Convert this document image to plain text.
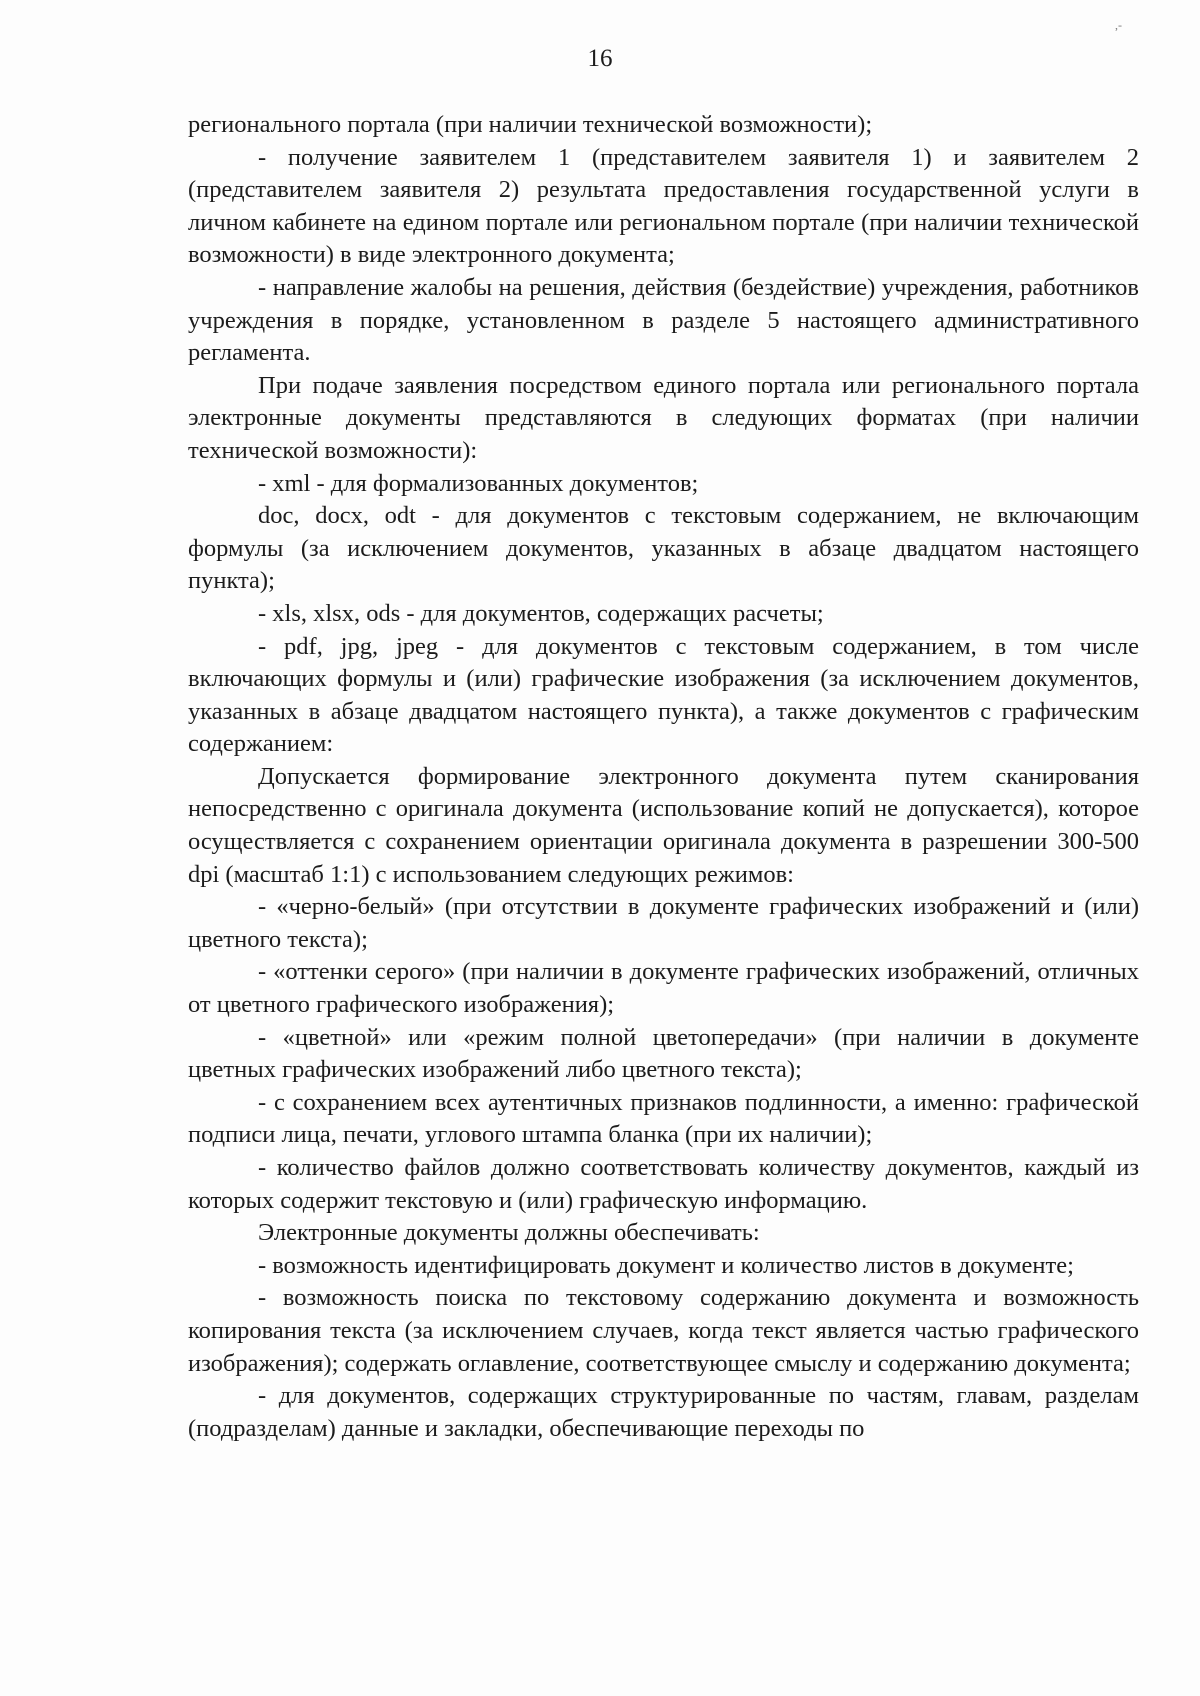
,-
16

регионального портала (при наличии технической возможности);

- получение заявителем 1 (представителем заявителя 1) и заявителем 2 (представителем заявителя 2) результата предоставления государственной услуги в личном кабинете на едином портале или региональном портале (при наличии технической возможности) в виде электронного документа;

- направление жалобы на решения, действия (бездействие) учреждения, работников учреждения в порядке, установленном в разделе 5 настоящего административного регламента.

При подаче заявления посредством единого портала или регионального портала электронные документы представляются в следующих форматах (при наличии технической возможности):

- xml - для формализованных документов;

doc, docx, odt - для документов с текстовым содержанием, не включающим формулы (за исключением документов, указанных в абзаце двадцатом настоящего пункта);

- xls, xlsx, ods - для документов, содержащих расчеты;

- pdf, jpg, jpeg - для документов с текстовым содержанием, в том числе включающих формулы и (или) графические изображения (за исключением документов, указанных в абзаце двадцатом настоящего пункта), а также документов с графическим содержанием:

Допускается формирование электронного документа путем сканирования непосредственно с оригинала документа (использование копий не допускается), которое осуществляется с сохранением ориентации оригинала документа в разрешении 300-500 dpi (масштаб 1:1) с использованием следующих режимов:

- «черно-белый» (при отсутствии в документе графических изображений и (или) цветного текста);

- «оттенки серого» (при наличии в документе графических изображений, отличных от цветного графического изображения);

- «цветной» или «режим полной цветопередачи» (при наличии в документе цветных графических изображений либо цветного текста);

- с сохранением всех аутентичных признаков подлинности, а именно: графической подписи лица, печати, углового штампа бланка (при их наличии);

- количество файлов должно соответствовать количеству документов, каждый из которых содержит текстовую и (или) графическую информацию.

Электронные документы должны обеспечивать:

- возможность идентифицировать документ и количество листов в документе;

- возможность поиска по текстовому содержанию документа и возможность копирования текста (за исключением случаев, когда текст является частью графического изображения); содержать оглавление, соответствующее смыслу и содержанию документа;

- для документов, содержащих структурированные по частям, главам, разделам (подразделам) данные и закладки, обеспечивающие переходы по
